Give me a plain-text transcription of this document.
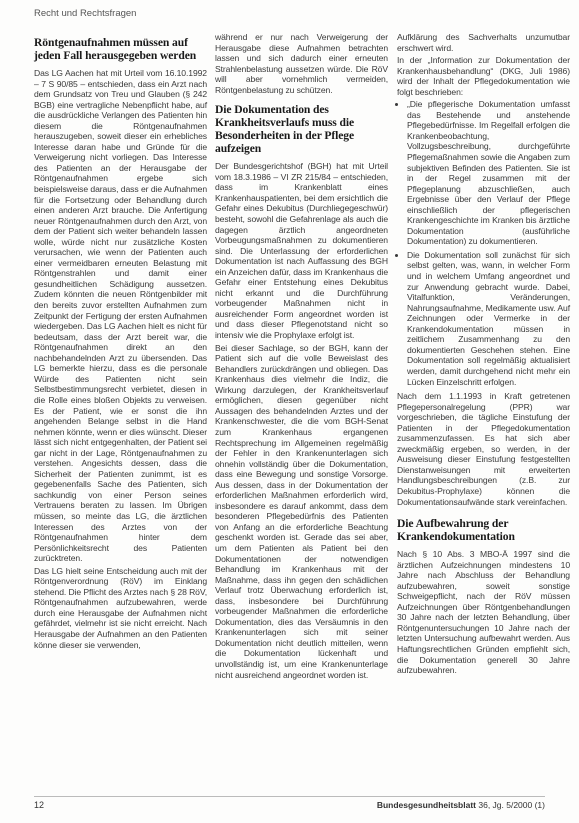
Recht und Rechtsfragen
Röntgenaufnahmen müssen auf jeden Fall herausgegeben werden

Das LG Aachen hat mit Urteil vom 16.10.1992 – 7 S 90/85 – entschieden, dass ein Arzt nach dem Grundsatz von Treu und Glauben (§ 242 BGB) eine vertragliche Nebenpflicht habe, auf die ausdrückliche Verlangen des Patienten hin diesem die Röntgenaufnahmen herauszugeben, soweit dieser ein erhebliches Interesse daran habe und Gründe für die Verweigerung nicht vorliegen. Das Interesse des Patienten an der Herausgabe der Röntgenaufnahmen ergebe sich beispielsweise daraus, dass er die Aufnahmen für die Fortsetzung oder Behandlung durch einen anderen Arzt brauche. Die Anfertigung neuer Röntgenaufnahmen durch den Arzt, von dem der Patient sich weiter behandeln lassen wolle, würde nicht nur zusätzliche Kosten verursachen, wie wenn der Patienten auch einer vermeidbaren erneuten Belastung mit Röntgenstrahlen und damit einer gesundheitlichen Schädigung aussetzen. Zudem könnten die neuen Röntgenbilder mit den bereits zuvor erstellten Aufnahmen zum Zeitpunkt der Fertigung der ersten Aufnahmen wiedergeben. Das LG Aachen hielt es nicht für bedeutsam, dass der Arzt bereit war, die Röntgenaufnahmen direkt an den nachbehandelnden Arzt zu übersenden. Das LG bemerkte hierzu, dass es die personale Würde des Patienten nicht sein Selbstbestimmungsrecht verbietet, diesen in die Rolle eines bloßen Objekts zu verweisen. Es der Patient, wie er sonst die ihn angehenden Belange selbst in die Hand nehmen könnte, wenn er dies wünscht. Dieser lässt sich nicht entgegenhalten, der Patient sei gar nicht in der Lage, Röntgenaufnahmen zu verstehen. Angesichts dessen, dass die Sicherheit der Patienten zunimmt, ist es gegebenenfalls Sache des Patienten, sich sachkundig von einer Person seines Vertrauens beraten zu lassen. Im Übrigen müssen, so meinte das LG, die ärztlichen Interessen des Arztes von der Röntgenaufnahmen hinter dem Persönlichkeitsrecht des Patienten zurücktreten.

Das LG hielt seine Entscheidung auch mit der Röntgenverordnung (RöV) im Einklang stehend. Die Pflicht des Arztes nach § 28 RöV, Röntgenaufnahmen aufzubewahren, werde durch eine Herausgabe der Aufnahmen nicht gefährdet, vielmehr ist sie nicht erreicht. Nach Herausgabe der Aufnahmen an den Patienten könne dieser sie verwenden,

während er nur nach Verweigerung der Herausgabe diese Aufnahmen betrachten lassen und sich dadurch einer erneuten Strahlenbelastung aussetzen würde. Die RöV will aber vornehmlich vermeiden, Röntgenbelastung zu schützen.

Die Dokumentation des Krankheitsverlaufs muss die Besonderheiten in der Pflege aufzeigen

Der Bundesgerichtshof (BGH) hat mit Urteil vom 18.3.1986 – VI ZR 215/84 – entschieden, dass im Krankenblatt eines Krankenhauspatienten, bei dem ersichtlich die Gefahr eines Dekubitus (Durchliegegeschwür) besteht, sowohl die Gefahrenlage als auch die dagegen ärztlich angeordneten Vorbeugungsmaßnahmen zu dokumentieren sind. Die Unterlassung der erforderlichen Dokumentation ist nach Auffassung des BGH ein Anzeichen dafür, dass im Krankenhaus die Gefahr einer Entstehung eines Dekubitus nicht erkannt und die Durchführung vorbeugender Maßnahmen nicht in ausreichender Form angeordnet worden ist und dass dieser Pflegenotstand nicht so intensiv wie die Prophylaxe erfolgt ist.

Bei dieser Sachlage, so der BGH, kann der Patient sich auf die volle Beweislast des Behandlers zurückdrängen und obliegen. Das Krankenhaus dies vielmehr die Indiz, die Wirkung darzulegen, der Krankheitsverlauf ermöglichen, diesen gegenüber nicht Aussagen des behandelnden Arztes und der Krankenschwester, die die vom BGH-Senat zum Krankenhaus ergangenen Rechtsprechung im Allgemeinen regelmäßig der Fehler in den Krankenunterlagen sich ohnehin vollständig über die Dokumentation, dass eine Bewegung und sonstige Vorsorge. Aus dessen, dass in der Dokumentation der erforderlichen Maßnahmen erforderlich wird, insbesondere es darauf ankommt, dass dem besonderen Pflegebedürfnis des Patienten von Anfang an die erforderliche Beachtung geschenkt worden ist. Gerade das sei aber, um dem Patienten als Patient bei den Dokumentationen der notwendigen Behandlung im Krankenhaus mit der Maßnahme, dass ihn gegen den schädlichen Verlauf trotz Überwachung erforderlich ist, dass, insbesondere bei Durchführung vorbeugender Maßnahmen die erforderliche Dokumentation, dies das Versäumnis in den Krankenunterlagen sich mit seiner Dokumentation nicht deutlich mitteilen, wenn die Dokumentation lückenhaft und unvollständig ist, um eine Krankenunterlage nicht ausreichend angeordnet worden ist.

Aufklärung des Sachverhalts unzumutbar erschwert wird.

In der „Information zur Dokumentation der Krankenhausbehandlung“ (DKG, Juli 1986) wird der Inhalt der Pflegedokumentation wie folgt beschrieben:

• „Die pflegerische Dokumentation umfasst das Bestehende und anstehende Pflegebedürfnisse. Im Regelfall erfolgen die Krankenbeobachtung, Vollzugsbeschreibung, durchgeführte Pflegemaßnahmen sowie die Angaben zum subjektiven Befinden des Patienten. Sie ist in der Regel zusammen mit der Pflegeplanung abzuschließen, auch Ergebnisse über den Verlauf der Pflege einschließlich der pflegerischen Krankengeschichte im Kranken bis ärztliche Dokumentation (ausführliche Dokumentation) zu dokumentieren.
• Die Dokumentation soll zunächst für sich selbst gelten, was, wann, in welcher Form und in welchem Umfang angeordnet und zur Anwendung gebracht wurde. Dabei, Vitalfunktion, Veränderungen, Nahrungsaufnahme, Medikamente usw. Auf Zeichnungen oder Vermerke in der Krankendokumentation müssen in zeitlichem Zusammenhang zu den dokumentierten Geschehen stehen. Eine Dokumentation soll regelmäßig aktualisiert werden, damit durchgehend nicht mehr ein Lücken Einzelschritt erfolgen.

Nach dem 1.1.1993 in Kraft getretenen Pflegepersonalregelung (PPR) war vorgeschrieben, die tägliche Einstufung der Patienten in der Pflegedokumentation zusammenzufassen. Es hat sich aber zweckmäßig ergeben, so werden, in der Ausweisung dieser Einstufung festgestellten Dienstanweisungen mit erweiterten Handlungsbeschreibungen (z.B. zur Dekubitus-Prophylaxe) können die Dokumentationsaufwände stark vereinfachen.

Die Aufbewahrung der Krankendokumentation

Nach § 10 Abs. 3 MBO-Ä 1997 sind die ärztlichen Aufzeichnungen mindestens 10 Jahre nach Abschluss der Behandlung aufzubewahren, soweit sonstige Schweigepflicht, nach der RöV müssen Aufzeichnungen über Röntgenbehandlungen 30 Jahre nach der letzten Behandlung, über Röntgenuntersuchungen 10 Jahre nach der letzten Untersuchung aufbewahrt werden. Aus Haftungsrechtlichen Gründen empfiehlt sich, die Dokumentation generell 30 Jahre aufzubewahren.

12	Bundesgesundheitsblatt 36, Jg. 5/2000 (1)
